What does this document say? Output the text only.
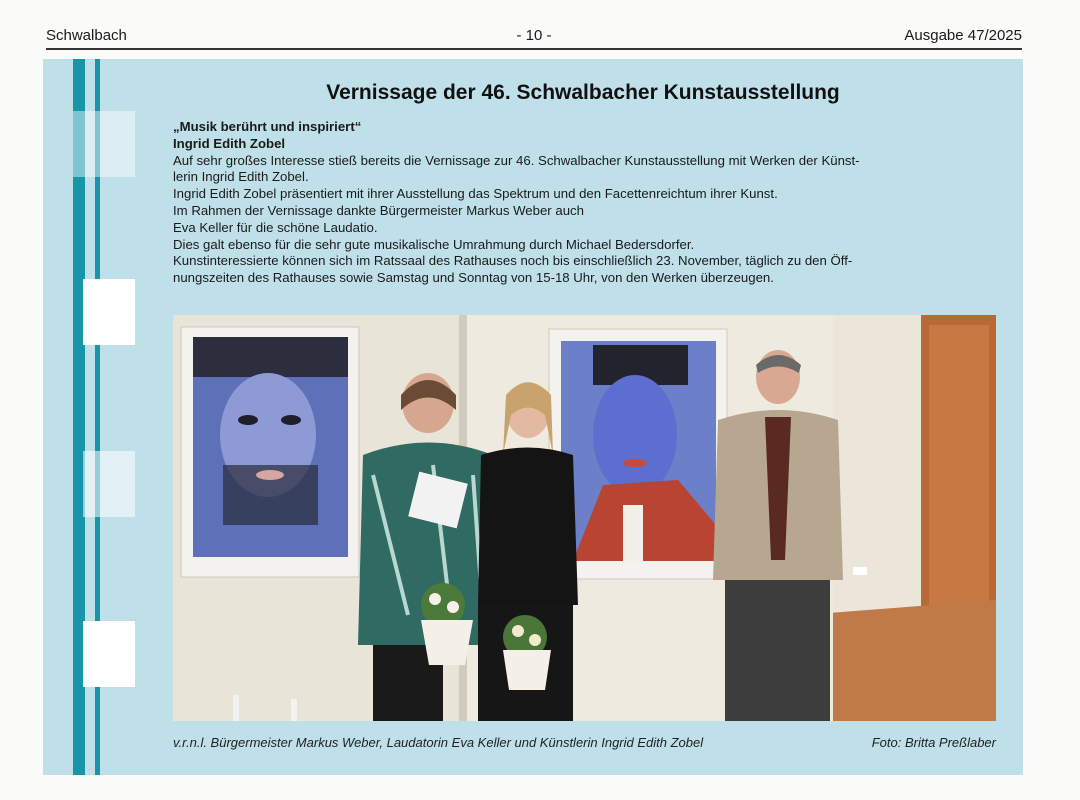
Schwalbach	- 10 -	Ausgabe 47/2025
Vernissage der 46. Schwalbacher Kunstausstellung
„Musik berührt und inspiriert“
Ingrid Edith Zobel
Auf sehr großes Interesse stieß bereits die Vernissage zur 46. Schwalbacher Kunstausstellung mit Werken der Künst-
lerin Ingrid Edith Zobel.
Ingrid Edith Zobel präsentiert mit ihrer Ausstellung das Spektrum und den Facettenreichtum ihrer Kunst.
Im Rahmen der Vernissage dankte Bürgermeister Markus Weber auch
Eva Keller für die schöne Laudatio.
Dies galt ebenso für die sehr gute musikalische Umrahmung durch Michael Bedersdorfer.
Kunstinteressierte können sich im Ratssaal des Rathauses noch bis einschließlich 23. November, täglich zu den Öff-
nungszeiten des Rathauses sowie Samstag und Sonntag von 15-18 Uhr, von den Werken überzeugen.
v.r.n.l. Bürgermeister Markus Weber, Laudatorin Eva Keller und Künstlerin Ingrid Edith Zobel	Foto: Britta Preßlaber
